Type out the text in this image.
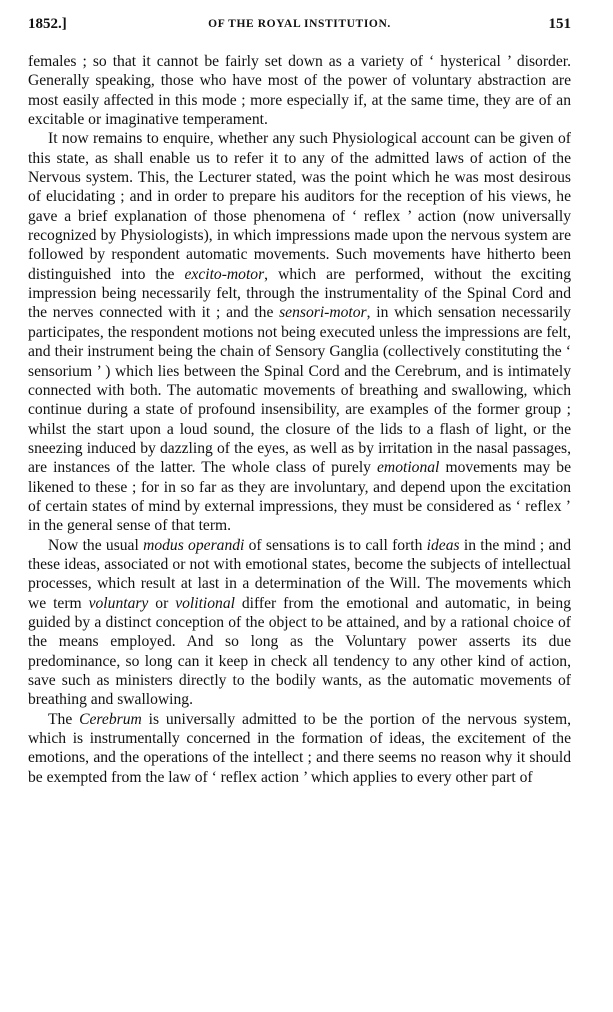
1852.]	OF THE ROYAL INSTITUTION.	151

females ; so that it cannot be fairly set down as a variety of ‘ hysterical ’ disorder. Generally speaking, those who have most of the power of voluntary abstraction are most easily affected in this mode ; more especially if, at the same time, they are of an excitable or imaginative temperament.

It now remains to enquire, whether any such Physiological account can be given of this state, as shall enable us to refer it to any of the admitted laws of action of the Nervous system. This, the Lecturer stated, was the point which he was most desirous of elucidating ; and in order to prepare his auditors for the reception of his views, he gave a brief explanation of those phenomena of ‘ reflex ’ action (now universally recognized by Physiologists), in which impressions made upon the nervous system are followed by respondent automatic movements. Such movements have hitherto been distinguished into the excito-motor, which are performed, without the exciting impression being necessarily felt, through the instrumentality of the Spinal Cord and the nerves connected with it ; and the sensori-motor, in which sensation necessarily participates, the respondent motions not being executed unless the impressions are felt, and their instrument being the chain of Sensory Ganglia (collectively constituting the ‘ sensorium ’ ) which lies between the Spinal Cord and the Cerebrum, and is intimately connected with both. The automatic movements of breathing and swallowing, which continue during a state of profound insensibility, are examples of the former group ; whilst the start upon a loud sound, the closure of the lids to a flash of light, or the sneezing induced by dazzling of the eyes, as well as by irritation in the nasal passages, are instances of the latter. The whole class of purely emotional movements may be likened to these ; for in so far as they are involuntary, and depend upon the excitation of certain states of mind by external impressions, they must be considered as ‘ reflex ’ in the general sense of that term.

Now the usual modus operandi of sensations is to call forth ideas in the mind ; and these ideas, associated or not with emotional states, become the subjects of intellectual processes, which result at last in a determination of the Will. The movements which we term voluntary or volitional differ from the emotional and automatic, in being guided by a distinct conception of the object to be attained, and by a rational choice of the means employed. And so long as the Voluntary power asserts its due predominance, so long can it keep in check all tendency to any other kind of action, save such as ministers directly to the bodily wants, as the automatic movements of breathing and swallowing.

The Cerebrum is universally admitted to be the portion of the nervous system, which is instrumentally concerned in the formation of ideas, the excitement of the emotions, and the operations of the intellect ; and there seems no reason why it should be exempted from the law of ‘ reflex action ’ which applies to every other part of
